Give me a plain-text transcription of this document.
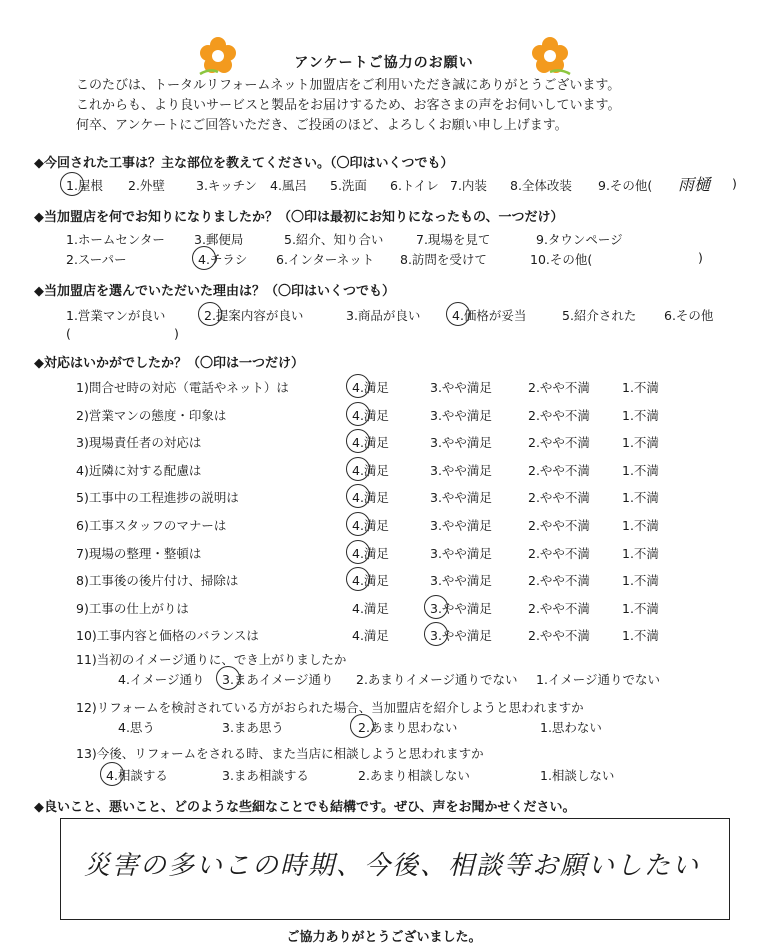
アンケートご協力のお願い
このたびは、トータルリフォームネット加盟店をご利用いただき誠にありがとうございます。
これからも、より良いサービスと製品をお届けするため、お客さまの声をお伺いしています。
何卒、アンケートにご回答いただき、ご投函のほど、よろしくお願い申し上げます。
◆今回された工事は？主な部位を教えてください。（〇印はいくつでも）
1.屋根 2.外壁 3.キッチン 4.風呂 5.洗面 6.トイレ 7.内装 8.全体改装 9.その他( 雨樋 )
◆当加盟店を何でお知りになりましたか？（〇印は最初にお知りになったもの、一つだけ）
1.ホームセンター 3.郵便局	5.紹介、知り合い	7.現場を見て	9.タウンページ
2.スーパー	4.チラシ 6.インターネット 8.訪問を受けて	10.その他(	)
◆当加盟店を選んでいただいた理由は？（〇印はいくつでも）
1.営業マンが良い	2.提案内容が良い	3.商品が良い	4.価格が妥当	5.紹介された 6.その他
(	)
◆対応はいかがでしたか？（〇印は一つだけ）
1)問合せ時の対応（電話やネット）は	4.満足	3.やや満足	2.やや不満	1.不満
2)営業マンの態度・印象は	4.満足	3.やや満足	2.やや不満	1.不満
3)現場責任者の対応は	4.満足	3.やや満足	2.やや不満	1.不満
4)近隣に対する配慮は	4.満足	3.やや満足	2.やや不満	1.不満
5)工事中の工程進捗の説明は	4.満足	3.やや満足	2.やや不満	1.不満
6)工事スタッフのマナーは	4.満足	3.やや満足	2.やや不満	1.不満
7)現場の整理・整頓は	4.満足	3.やや満足	2.やや不満	1.不満
8)工事後の後片付け、掃除は	4.満足	3.やや満足	2.やや不満	1.不満
9)工事の仕上がりは	4.満足	3.やや満足	2.やや不満	1.不満
10)工事内容と価格のバランスは	4.満足	3.やや満足	2.やや不満	1.不満
11)当初のイメージ通りに、でき上がりましたか
4.イメージ通り 3.まあイメージ通り 2.あまりイメージ通りでない 1.イメージ通りでない
12)リフォームを検討されている方がおられた場合、当加盟店を紹介しようと思われますか
4.思う	3.まあ思う	2.あまり思わない	1.思わない
13)今後、リフォームをされる時、また当店に相談しようと思われますか
4.相談する	3.まあ相談する	2.あまり相談しない	1.相談しない
◆良いこと、悪いこと、どのような些細なことでも結構です。ぜひ、声をお聞かせください。
災害の多いこの時期、今後、相談等お願いしたい
ご協力ありがとうございました。
